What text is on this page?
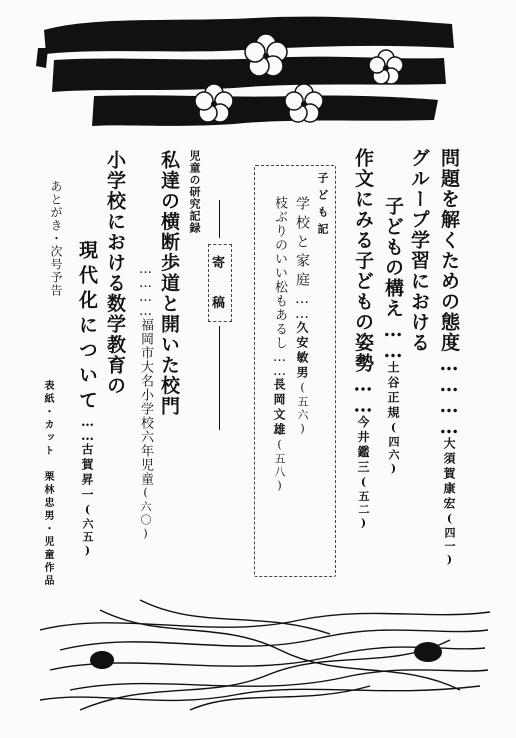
問題を解くための態度…………大須賀康宏(四一)
グループ学習における
子どもの構え……土谷正規(四六)
作文にみる子どもの姿勢……今井鑑三(五二)
子ども記
学校と家庭……久安敏男(五六)
枝ぶりのいい松もあるし……長岡文雄(五八)
寄
稿
児童の研究記録
私達の横断歩道と開いた校門
…………福岡市大名小学校六年児童(六〇)
小学校における数学教育の
現代化について……古賀昇一(六五)
あとがき・次号予告
表紙・カット　栗林忠男・児童作品
